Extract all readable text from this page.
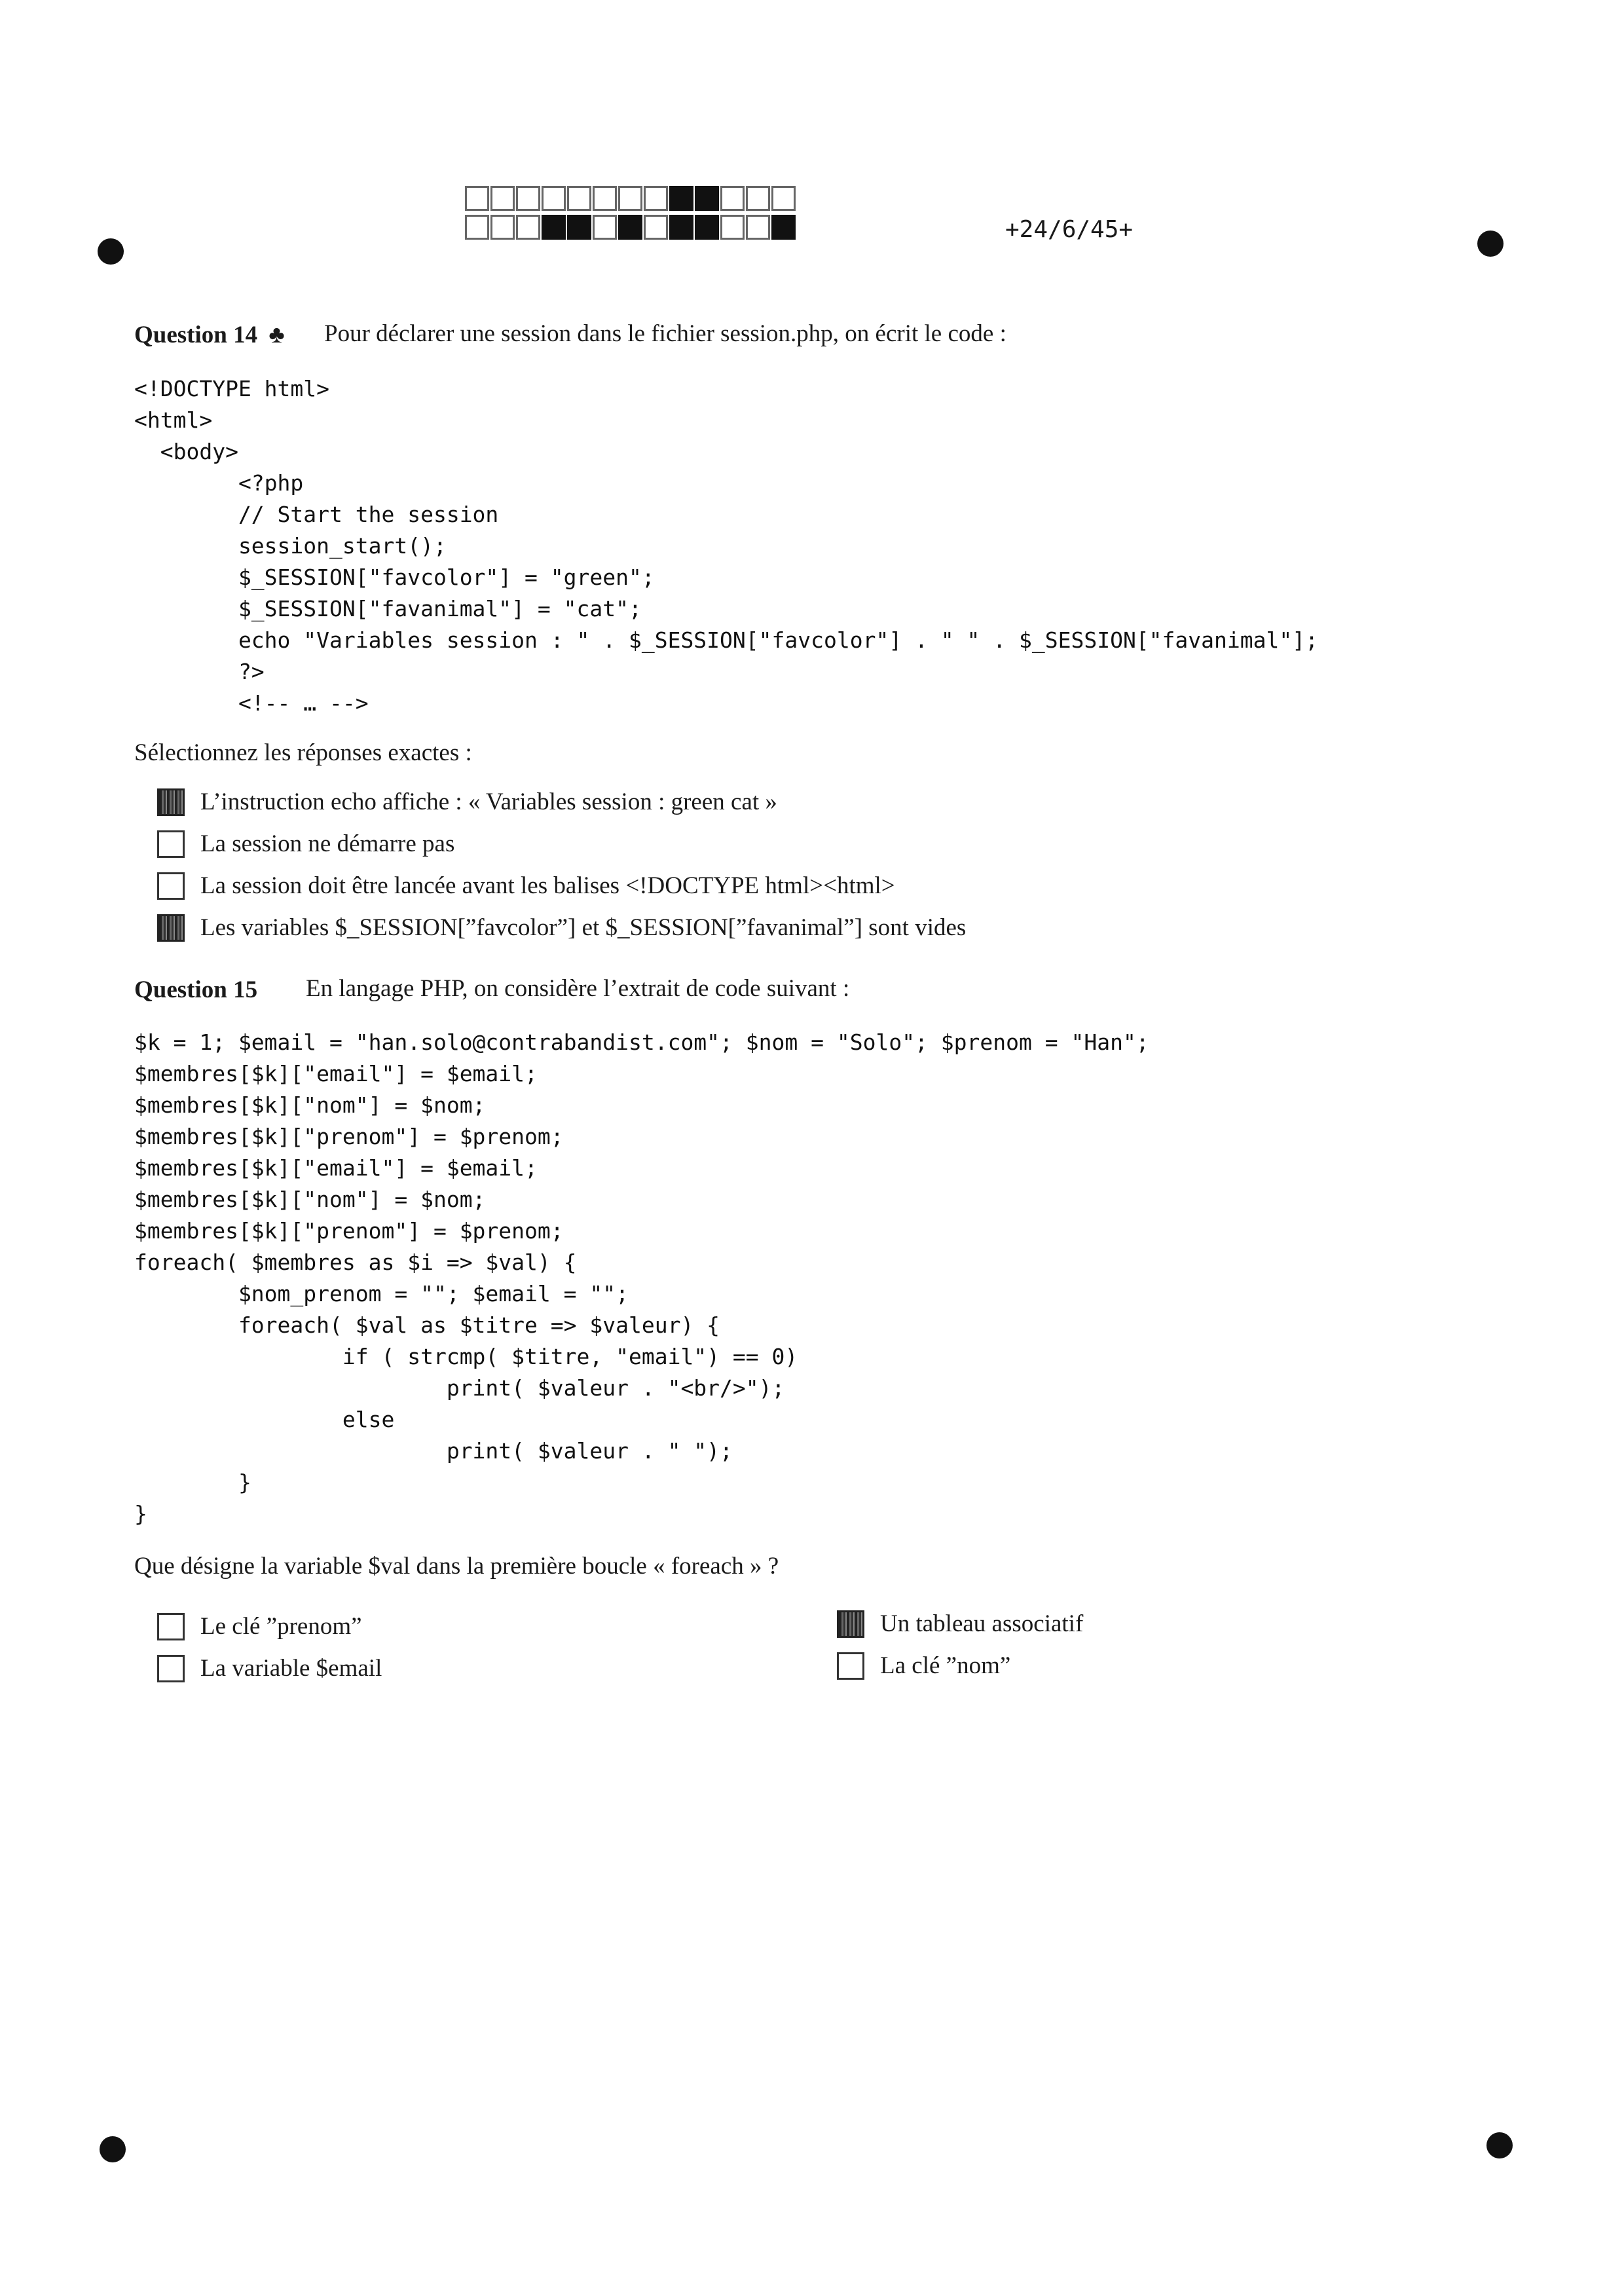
+24/6/45+
Question 14 ♣ Pour déclarer une session dans le fichier session.php, on écrit le code :
<!DOCTYPE html>
<html>
<body>
<?php
// Start the session
session_start();
$_SESSION["favcolor"] = "green";
$_SESSION["favanimal"] = "cat";
echo "Variables session : " . $_SESSION["favcolor"] . " " . $_SESSION["favanimal"];
?>
<!-- … -->
Sélectionnez les réponses exactes :
L’instruction echo affiche : « Variables session : green cat »
La session ne démarre pas
La session doit être lancée avant les balises <!DOCTYPE html><html>
Les variables $_SESSION[”favcolor”] et $_SESSION[”favanimal”] sont vides
Question 15 En langage PHP, on considère l’extrait de code suivant :
$k = 1; $email = "han.solo@contrabandist.com"; $nom = "Solo"; $prenom = "Han";
$membres[$k]["email"] = $email;
$membres[$k]["nom"] = $nom;
$membres[$k]["prenom"] = $prenom;
$membres[$k]["email"] = $email;
$membres[$k]["nom"] = $nom;
$membres[$k]["prenom"] = $prenom;
foreach( $membres as $i => $val) {
$nom_prenom = ""; $email = "";
foreach( $val as $titre => $valeur) {
if ( strcmp( $titre, "email") == 0)
print( $valeur . "<br/>");
else
print( $valeur . " ");
}
}
Que désigne la variable $val dans la première boucle « foreach » ?
Le clé ”prenom”
La variable $email
Un tableau associatif
La clé ”nom”
